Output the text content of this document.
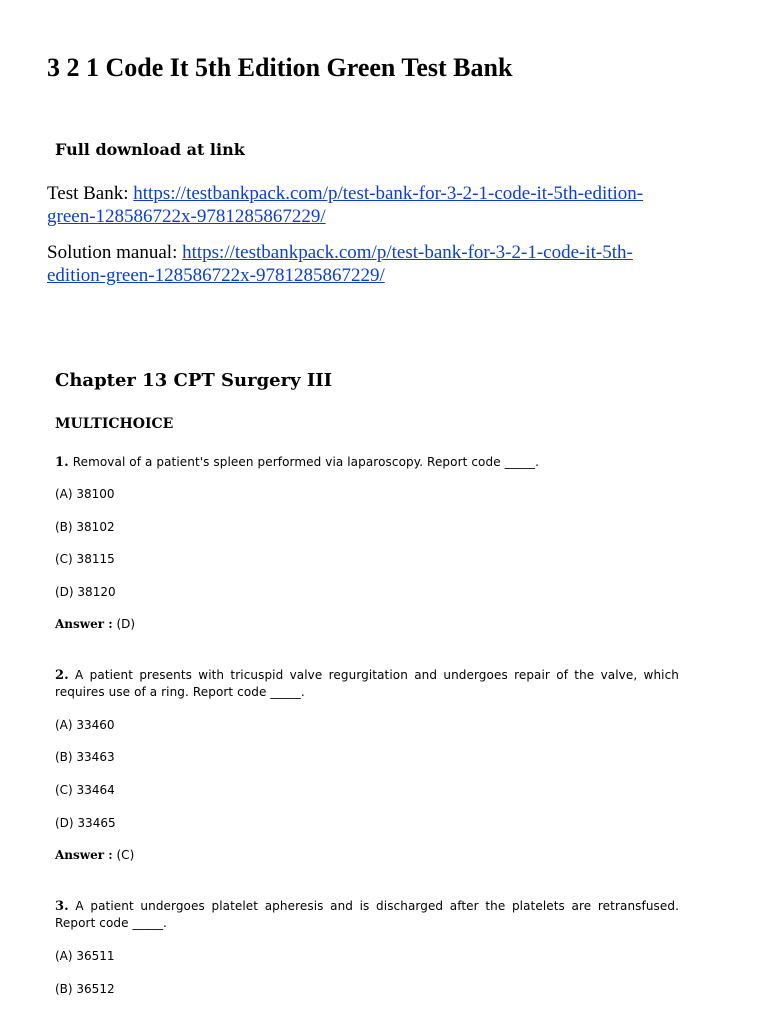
3 2 1 Code It 5th Edition Green Test Bank
Full download at link
Test Bank: https://testbankpack.com/p/test-bank-for-3-2-1-code-it-5th-edition-
green-128586722x-9781285867229/
Solution manual: https://testbankpack.com/p/test-bank-for-3-2-1-code-it-5th-
edition-green-128586722x-9781285867229/
Chapter 13 CPT Surgery III
MULTICHOICE
1. Removal of a patient's spleen performed via laparoscopy. Report code _____.
(A) 38100
(B) 38102
(C) 38115
(D) 38120
Answer : (D)
2. A patient presents with tricuspid valve regurgitation and undergoes repair of the valve, which requires use of a ring. Report code _____.
(A) 33460
(B) 33463
(C) 33464
(D) 33465
Answer : (C)
3. A patient undergoes platelet apheresis and is discharged after the platelets are retransfused. Report code _____.
(A) 36511
(B) 36512
